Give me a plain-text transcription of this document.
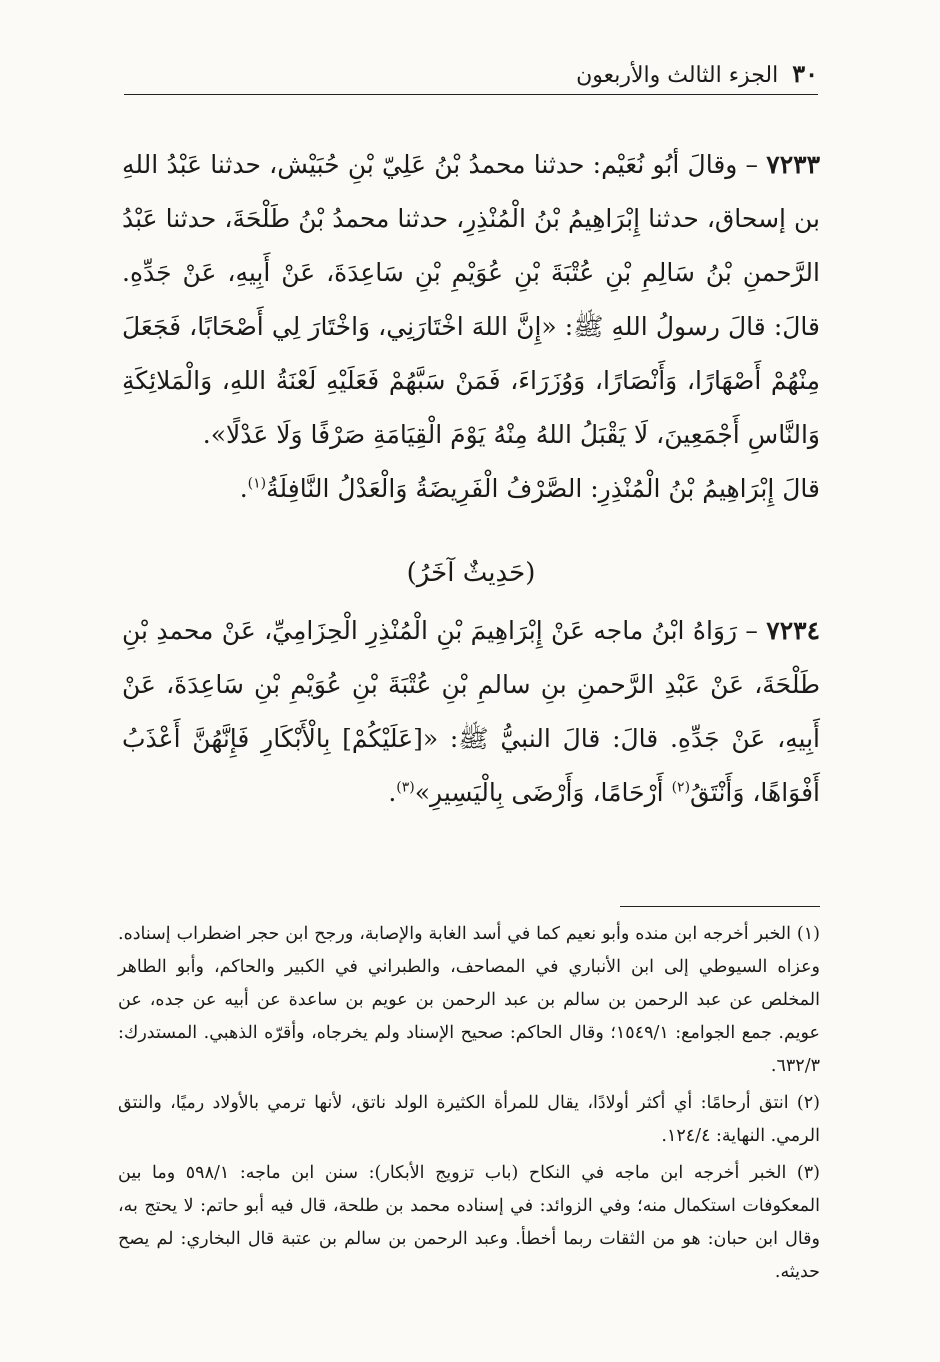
٣٠
الجزء الثالث والأربعون

٧٢٣٣ – وقالَ أبُو نُعَيْم: حدثنا محمدُ بْنُ عَلِيّ بْنِ حُبَيْش، حدثنا عَبْدُ اللهِ بن إسحاق، حدثنا إِبْرَاهِيمُ بْنُ الْمُنْذِرِ، حدثنا محمدُ بْنُ طَلْحَةَ، حدثنا عَبْدُ الرَّحمنِ بْنُ سَالِمِ بْنِ عُتْبَةَ بْنِ عُوَيْمِ بْنِ سَاعِدَةَ، عَنْ أَبِيهِ، عَنْ جَدِّهِ. قالَ: قالَ رسولُ اللهِ ﷺ: «إِنَّ اللهَ اخْتَارَنِي، وَاخْتَارَ لِي أَصْحَابًا، فَجَعَلَ مِنْهُمْ أَصْهَارًا، وَأَنْصَارًا، وَوُزَرَاءَ، فَمَنْ سَبَّهُمْ فَعَلَيْهِ لَعْنَةُ اللهِ، وَالْمَلائِكَةِ وَالنَّاسِ أَجْمَعِينَ، لَا يَقْبَلُ اللهُ مِنْهُ يَوْمَ الْقِيَامَةِ صَرْفًا وَلَا عَدْلًا».

قالَ إِبْرَاهِيمُ بْنُ الْمُنْذِرِ: الصَّرْفُ الْفَرِيضَةُ وَالْعَدْلُ النَّافِلَةُ$^{(١)}$.

(حَدِيثٌ آخَرُ)

٧٢٣٤ – رَوَاهُ ابْنُ ماجه عَنْ إِبْرَاهِيمَ بْنِ الْمُنْذِرِ الْحِزَامِيِّ، عَنْ محمدِ بْنِ طَلْحَةَ، عَنْ عَبْدِ الرَّحمنِ بنِ سالمِ بْنِ عُتْبَةَ بْنِ عُوَيْمِ بْنِ سَاعِدَةَ، عَنْ أَبِيهِ، عَنْ جَدِّهِ. قالَ: قالَ النبيُّ ﷺ: «[عَلَيْكُمْ] بِالْأَبْكَارِ فَإِنَّهُنَّ أَعْذَبُ أَفْوَاهًا، وَأَنْتَقُ$^{(٢)}$ أَرْحَامًا، وَأَرْضَى بِالْيَسِيرِ»$^{(٣)}$.

(١) الخبر أخرجه ابن منده وأبو نعيم كما في أسد الغابة والإصابة، ورجح ابن حجر اضطراب إسناده. وعزاه السيوطي إلى ابن الأنباري في المصاحف، والطبراني في الكبير والحاكم، وأبو الطاهر المخلص عن عبد الرحمن بن سالم بن عبد الرحمن بن عويم بن ساعدة عن أبيه عن جده، عن عويم. جمع الجوامع: ١٥٤٩/١؛ وقال الحاكم: صحيح الإسناد ولم يخرجاه، وأقرّه الذهبي. المستدرك: ٦٣٢/٣.

(٢) انتق أرحامًا: أي أكثر أولادًا، يقال للمرأة الكثيرة الولد ناتق، لأنها ترمي بالأولاد رميًا، والنتق الرمي. النهاية: ١٢٤/٤.

(٣) الخبر أخرجه ابن ماجه في النكاح (باب تزويج الأبكار): سنن ابن ماجه: ٥٩٨/١ وما بين المعكوفات استكمال منه؛ وفي الزوائد: في إسناده محمد بن طلحة، قال فيه أبو حاتم: لا يحتج به، وقال ابن حبان: هو من الثقات ربما أخطأ. وعبد الرحمن بن سالم بن عتبة قال البخاري: لم يصح حديثه.
